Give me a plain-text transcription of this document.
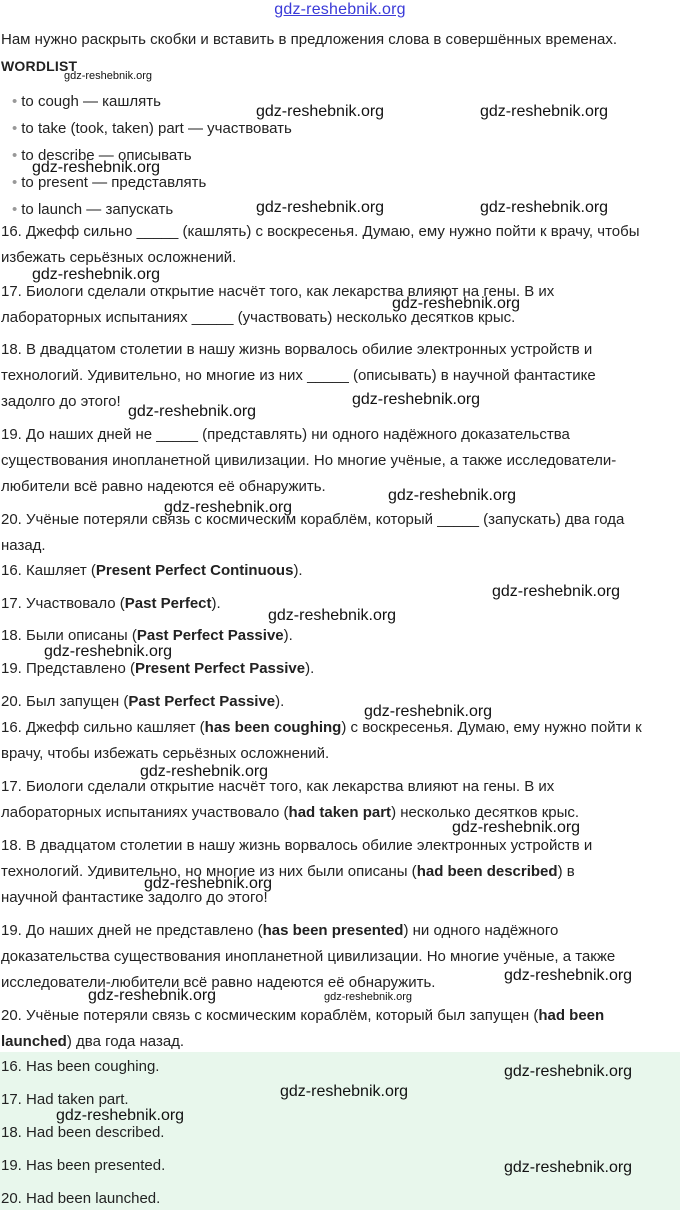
gdz-reshebnik.org
Нам нужно раскрыть скобки и вставить в предложения слова в совершённых временах.
WORDLIST
• to cough — кашлять
• to take (took, taken) part — участвовать
• to describe — описывать
• to present — представлять
• to launch — запускать
16. Джефф сильно _____ (кашлять) с воскресенья. Думаю, ему нужно пойти к врачу, чтобы
избежать серьёзных осложнений.
17. Биологи сделали открытие насчёт того, как лекарства влияют на гены. В их
лабораторных испытаниях _____ (участвовать) несколько десятков крыс.
18. В двадцатом столетии в нашу жизнь ворвалось обилие электронных устройств и
технологий. Удивительно, но многие из них _____ (описывать) в научной фантастике
задолго до этого!
19. До наших дней не _____ (представлять) ни одного надёжного доказательства
существования инопланетной цивилизации. Но многие учёные, а также исследователи-
любители всё равно надеются её обнаружить.
20. Учёные потеряли связь с космическим кораблём, который _____ (запускать) два года
назад.
16. Кашляет (Present Perfect Continuous).
17. Участвовало (Past Perfect).
18. Были описаны (Past Perfect Passive).
19. Представлено (Present Perfect Passive).
20. Был запущен (Past Perfect Passive).
16. Джефф сильно кашляет (has been coughing) с воскресенья. Думаю, ему нужно пойти к
врачу, чтобы избежать серьёзных осложнений.
17. Биологи сделали открытие насчёт того, как лекарства влияют на гены. В их
лабораторных испытаниях участвовало (had taken part) несколько десятков крыс.
18. В двадцатом столетии в нашу жизнь ворвалось обилие электронных устройств и
технологий. Удивительно, но многие из них были описаны (had been described) в
научной фантастике задолго до этого!
19. До наших дней не представлено (has been presented) ни одного надёжного
доказательства существования инопланетной цивилизации. Но многие учёные, а также
исследователи-любители всё равно надеются её обнаружить.
20. Учёные потеряли связь с космическим кораблём, который был запущен (had been
launched) два года назад.
16. Has been coughing.
17. Had taken part.
18. Had been described.
19. Has been presented.
20. Had been launched.
gdz-reshebnik.org
gdz-reshebnik.org	gdz-reshebnik.org
gdz-reshebnik.org
gdz-reshebnik.org	gdz-reshebnik.org
gdz-reshebnik.org
gdz-reshebnik.org
gdz-reshebnik.org
gdz-reshebnik.org
gdz-reshebnik.org
gdz-reshebnik.org
gdz-reshebnik.org
gdz-reshebnik.org
gdz-reshebnik.org
gdz-reshebnik.org
gdz-reshebnik.org
gdz-reshebnik.org
gdz-reshebnik.org
gdz-reshebnik.org
gdz-reshebnik.org
gdz-reshebnik.org
gdz-reshebnik.org
gdz-reshebnik.org
gdz-reshebnik.org
gdz-reshebnik.org
